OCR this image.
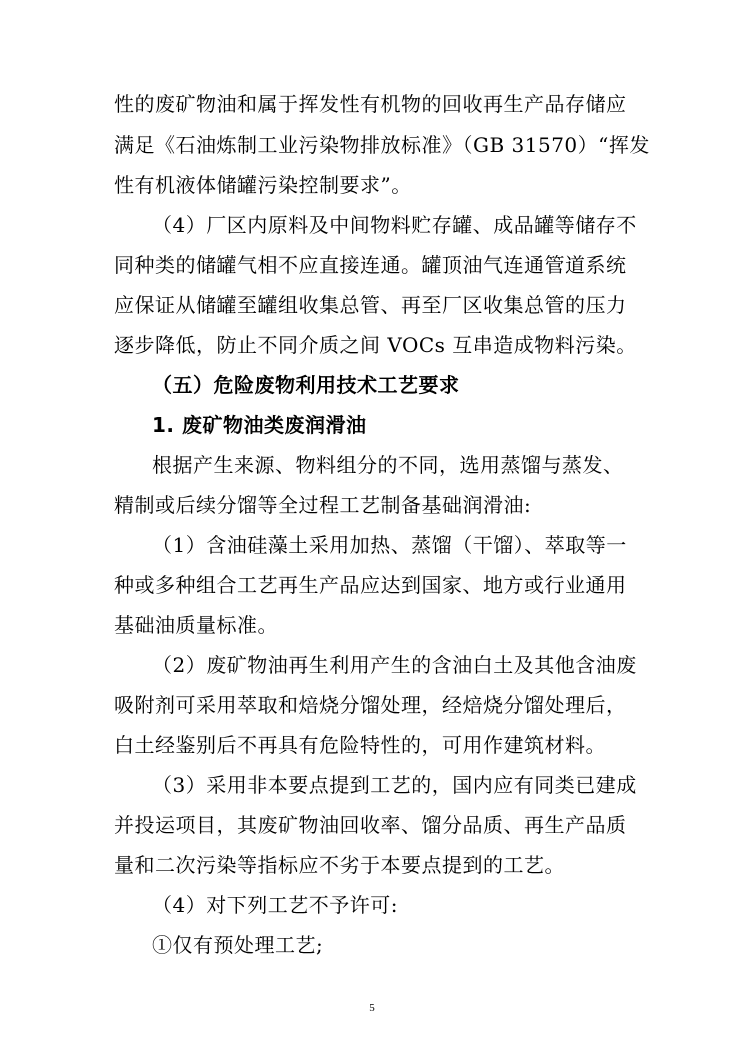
性的废矿物油和属于挥发性有机物的回收再生产品存储应
满足《石油炼制工业污染物排放标准》（GB 31570）“挥发
性有机液体储罐污染控制要求”。
（4）厂区内原料及中间物料贮存罐、成品罐等储存不
同种类的储罐气相不应直接连通。罐顶油气连通管道系统
应保证从储罐至罐组收集总管、再至厂区收集总管的压力
逐步降低，防止不同介质之间 VOCs 互串造成物料污染。
（五）危险废物利用技术工艺要求
1. 废矿物油类废润滑油
根据产生来源、物料组分的不同，选用蒸馏与蒸发、
精制或后续分馏等全过程工艺制备基础润滑油:
（1）含油硅藻土采用加热、蒸馏（干馏）、萃取等一
种或多种组合工艺再生产品应达到国家、地方或行业通用
基础油质量标准。
（2）废矿物油再生利用产生的含油白土及其他含油废
吸附剂可采用萃取和焙烧分馏处理，经焙烧分馏处理后，
白土经鉴别后不再具有危险特性的，可用作建筑材料。
（3）采用非本要点提到工艺的，国内应有同类已建成
并投运项目，其废矿物油回收率、馏分品质、再生产品质
量和二次污染等指标应不劣于本要点提到的工艺。
（4）对下列工艺不予许可:
①仅有预处理工艺;
5
